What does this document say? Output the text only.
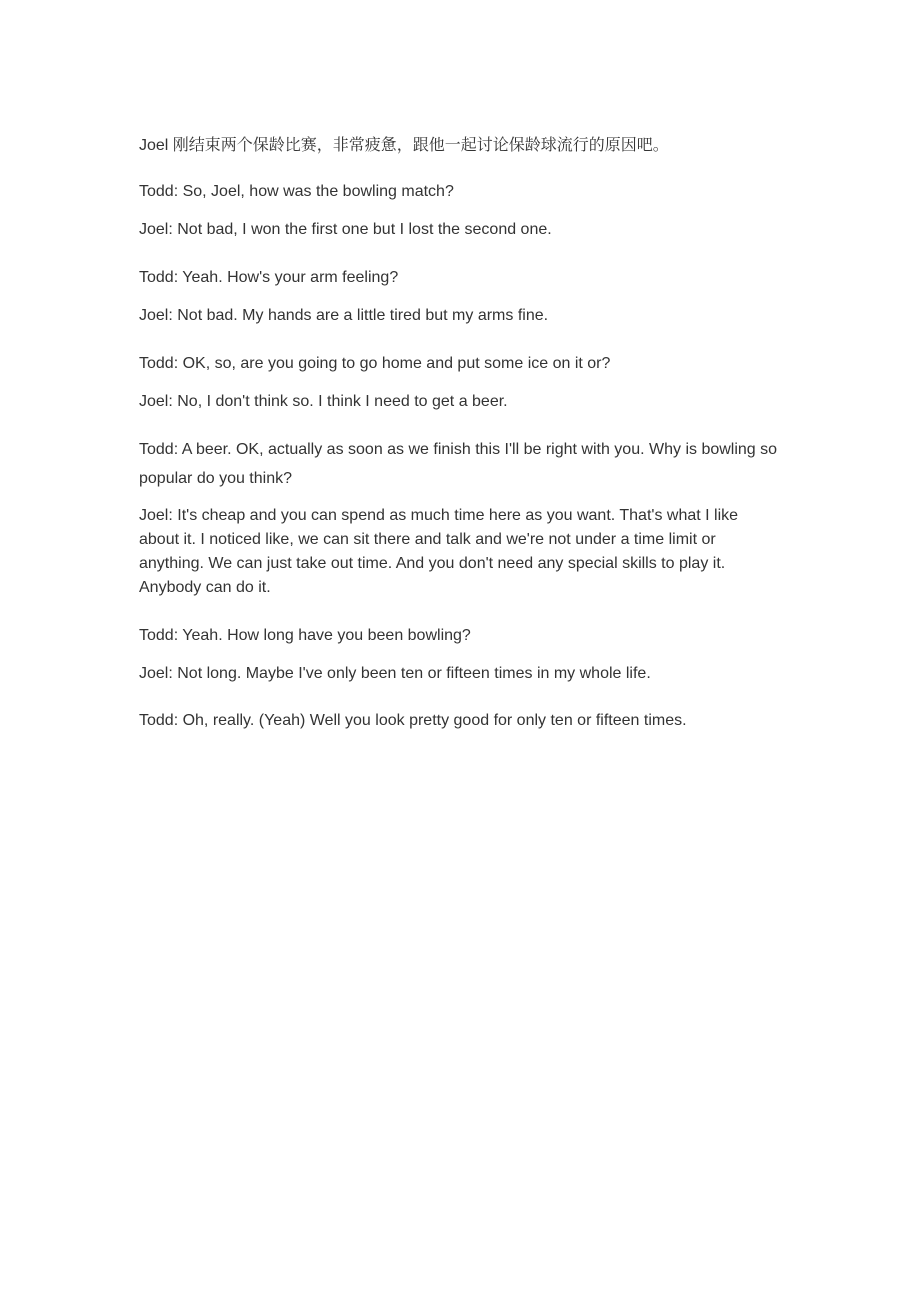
Joel 刚结束两个保龄比赛，非常疲惫，跟他一起讨论保龄球流行的原因吧。

Todd: So, Joel, how was the bowling match?

Joel: Not bad, I won the first one but I lost the second one.

Todd: Yeah. How's your arm feeling?

Joel: Not bad. My hands are a little tired but my arms fine.

Todd: OK, so, are you going to go home and put some ice on it or?

Joel: No, I don't think so. I think I need to get a beer.

Todd: A beer. OK, actually as soon as we finish this I'll be right with you. Why is bowling so popular do you think?

Joel: It's cheap and you can spend as much time here as you want. That's what I like about it. I noticed like, we can sit there and talk and we're not under a time limit or anything. We can just take out time. And you don't need any special skills to play it. Anybody can do it.

Todd: Yeah. How long have you been bowling?

Joel: Not long. Maybe I've only been ten or fifteen times in my whole life.

Todd: Oh, really. (Yeah) Well you look pretty good for only ten or fifteen times.
